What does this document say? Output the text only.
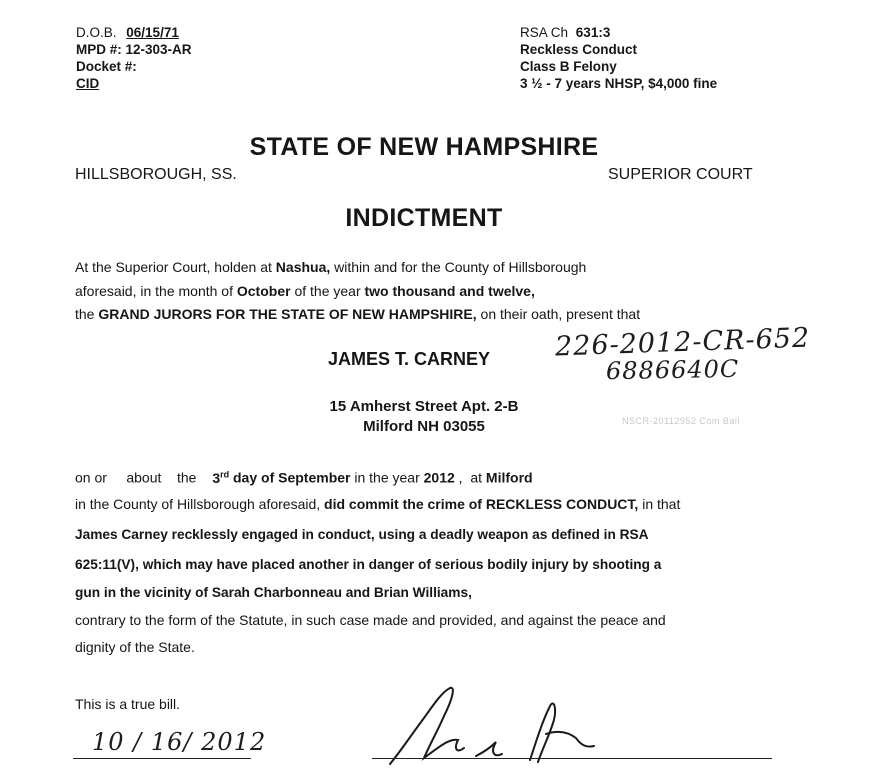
D.O.B. 06/15/71
MPD #: 12-303-AR
Docket #:
CID
RSA Ch 631:3
Reckless Conduct
Class B Felony
3 ½ - 7 years NHSP, $4,000 fine
STATE OF NEW HAMPSHIRE
HILLSBOROUGH, SS.	SUPERIOR COURT
INDICTMENT
At the Superior Court, holden at Nashua, within and for the County of Hillsborough
aforesaid, in the month of October of the year two thousand and twelve,
the GRAND JURORS FOR THE STATE OF NEW HAMPSHIRE, on their oath, present that
JAMES T. CARNEY
15 Amherst Street Apt. 2-B
Milford NH 03055
226-2012-CR-652
6886640C
NSCR-20112952 Com Bail
on or     about    the 3rd day of September in the year 2012 ,  at Milford
in the County of Hillsborough aforesaid, did commit the crime of RECKLESS CONDUCT, in that
James Carney recklessly engaged in conduct, using a deadly weapon as defined in RSA
625:11(V), which may have placed another in danger of serious bodily injury by shooting a
gun in the vicinity of Sarah Charbonneau and Brian Williams,
contrary to the form of the Statute, in such case made and provided, and against the peace and
dignity of the State.
This is a true bill.
10 / 16/ 2012
